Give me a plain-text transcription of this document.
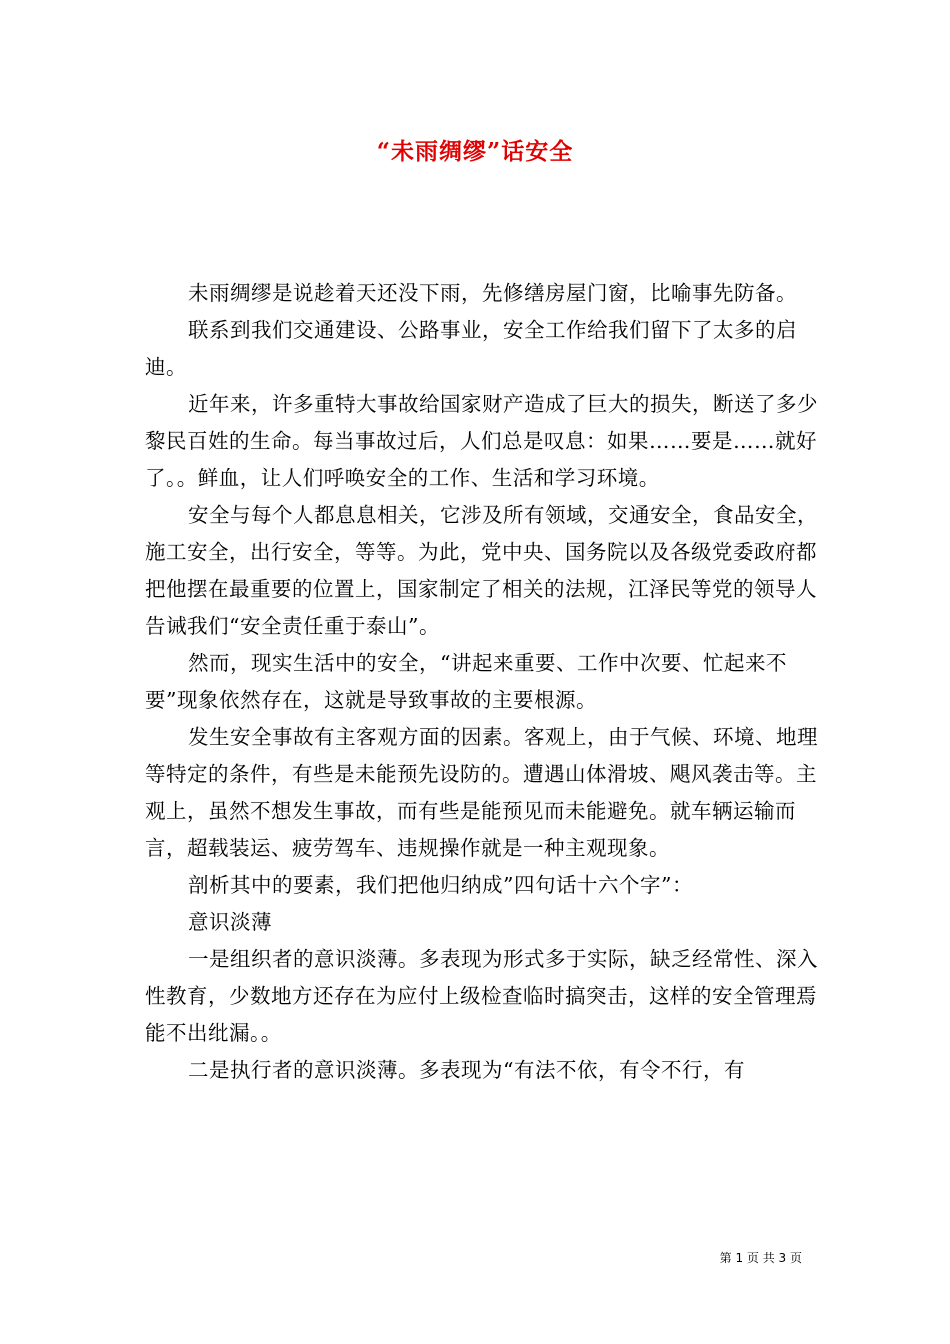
“未雨绸缪”话安全

未雨绸缪是说趁着天还没下雨，先修缮房屋门窗，比喻事先防备。

联系到我们交通建设、公路事业，安全工作给我们留下了太多的启迪。

近年来，许多重特大事故给国家财产造成了巨大的损失，断送了多少黎民百姓的生命。每当事故过后，人们总是叹息：如果……要是……就好了。。鲜血，让人们呼唤安全的工作、生活和学习环境。

安全与每个人都息息相关，它涉及所有领域，交通安全，食品安全，施工安全，出行安全，等等。为此，党中央、国务院以及各级党委政府都把他摆在最重要的位置上，国家制定了相关的法规，江泽民等党的领导人告诫我们“安全责任重于泰山”。

然而，现实生活中的安全，“讲起来重要、工作中次要、忙起来不要”现象依然存在，这就是导致事故的主要根源。

发生安全事故有主客观方面的因素。客观上，由于气候、环境、地理等特定的条件，有些是未能预先设防的。遭遇山体滑坡、飓风袭击等。主观上，虽然不想发生事故，而有些是能预见而未能避免。就车辆运输而言，超载装运、疲劳驾车、违规操作就是一种主观现象。

剖析其中的要素，我们把他归纳成”四句话十六个字”：

意识淡薄

一是组织者的意识淡薄。多表现为形式多于实际，缺乏经常性、深入性教育，少数地方还存在为应付上级检查临时搞突击，这样的安全管理焉能不出纰漏。。

二是执行者的意识淡薄。多表现为“有法不依，有令不行，有

第 1 页 共 3 页
